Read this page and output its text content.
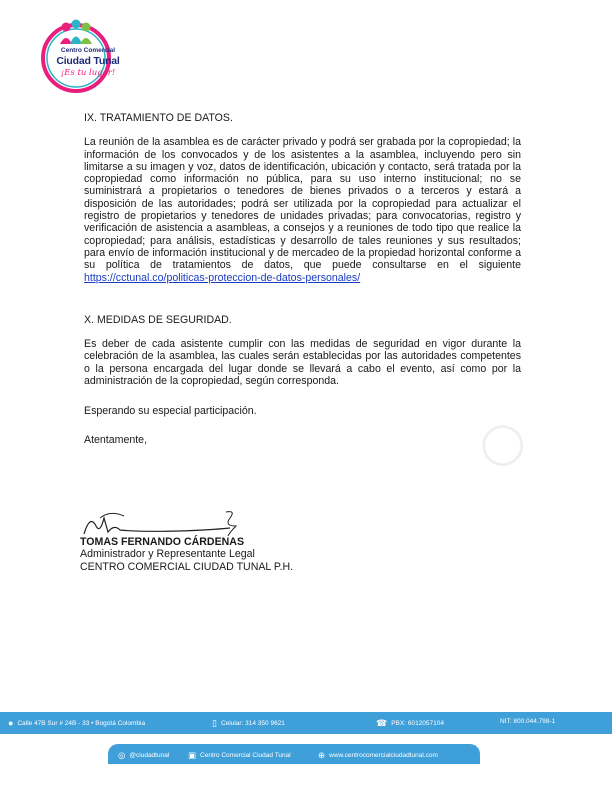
Centro Comercial
Ciudad Tunal
¡Es tu lugar!
◯

IX. TRATAMIENTO DE DATOS.

La reunión de la asamblea es de carácter privado y podrá ser grabada por la copropiedad; la información de los convocados y de los asistentes a la asamblea, incluyendo pero sin limitarse a su imagen y voz, datos de identificación, ubicación y contacto, será tratada por la copropiedad como información no pública, para su uso interno institucional; no se suministrará a propietarios o tenedores de bienes privados o a terceros y estará a disposición de las autoridades; podrá ser utilizada por la copropiedad para actualizar el registro de propietarios y tenedores de unidades privadas; para convocatorias, registro y verificación de asistencia a asambleas, a consejos y a reuniones de todo tipo que realice la copropiedad; para análisis, estadísticas y desarrollo de tales reuniones y sus resultados; para envío de información institucional y de mercadeo de la propiedad horizontal conforme a su política de tratamientos de datos, que puede consultarse en el siguiente https://cctunal.co/politicas-proteccion-de-datos-personales/

X. MEDIDAS DE SEGURIDAD.

Es deber de cada asistente cumplir con las medidas de seguridad en vigor durante la celebración de la asamblea, las cuales serán establecidas por las autoridades competentes o la persona encargada del lugar donde se llevará a cabo el evento, así como por la administración de la copropiedad, según corresponda.

Esperando su especial participación.

Atentamente,

TOMAS FERNANDO CÁRDENAS
Administrador y Representante Legal
CENTRO COMERCIAL CIUDAD TUNAL P.H.
● Calle 47B Sur # 24B - 33 • Bogotá Colombia	▯ Celular: 314 350 9621	☎ PBX: 6012057104	NIT: 800.044.798-1
◎ @ciudadtunal ▣ Centro Comercial Ciudad Tunal	⊕ www.centrocomercialciudadtunal.com
